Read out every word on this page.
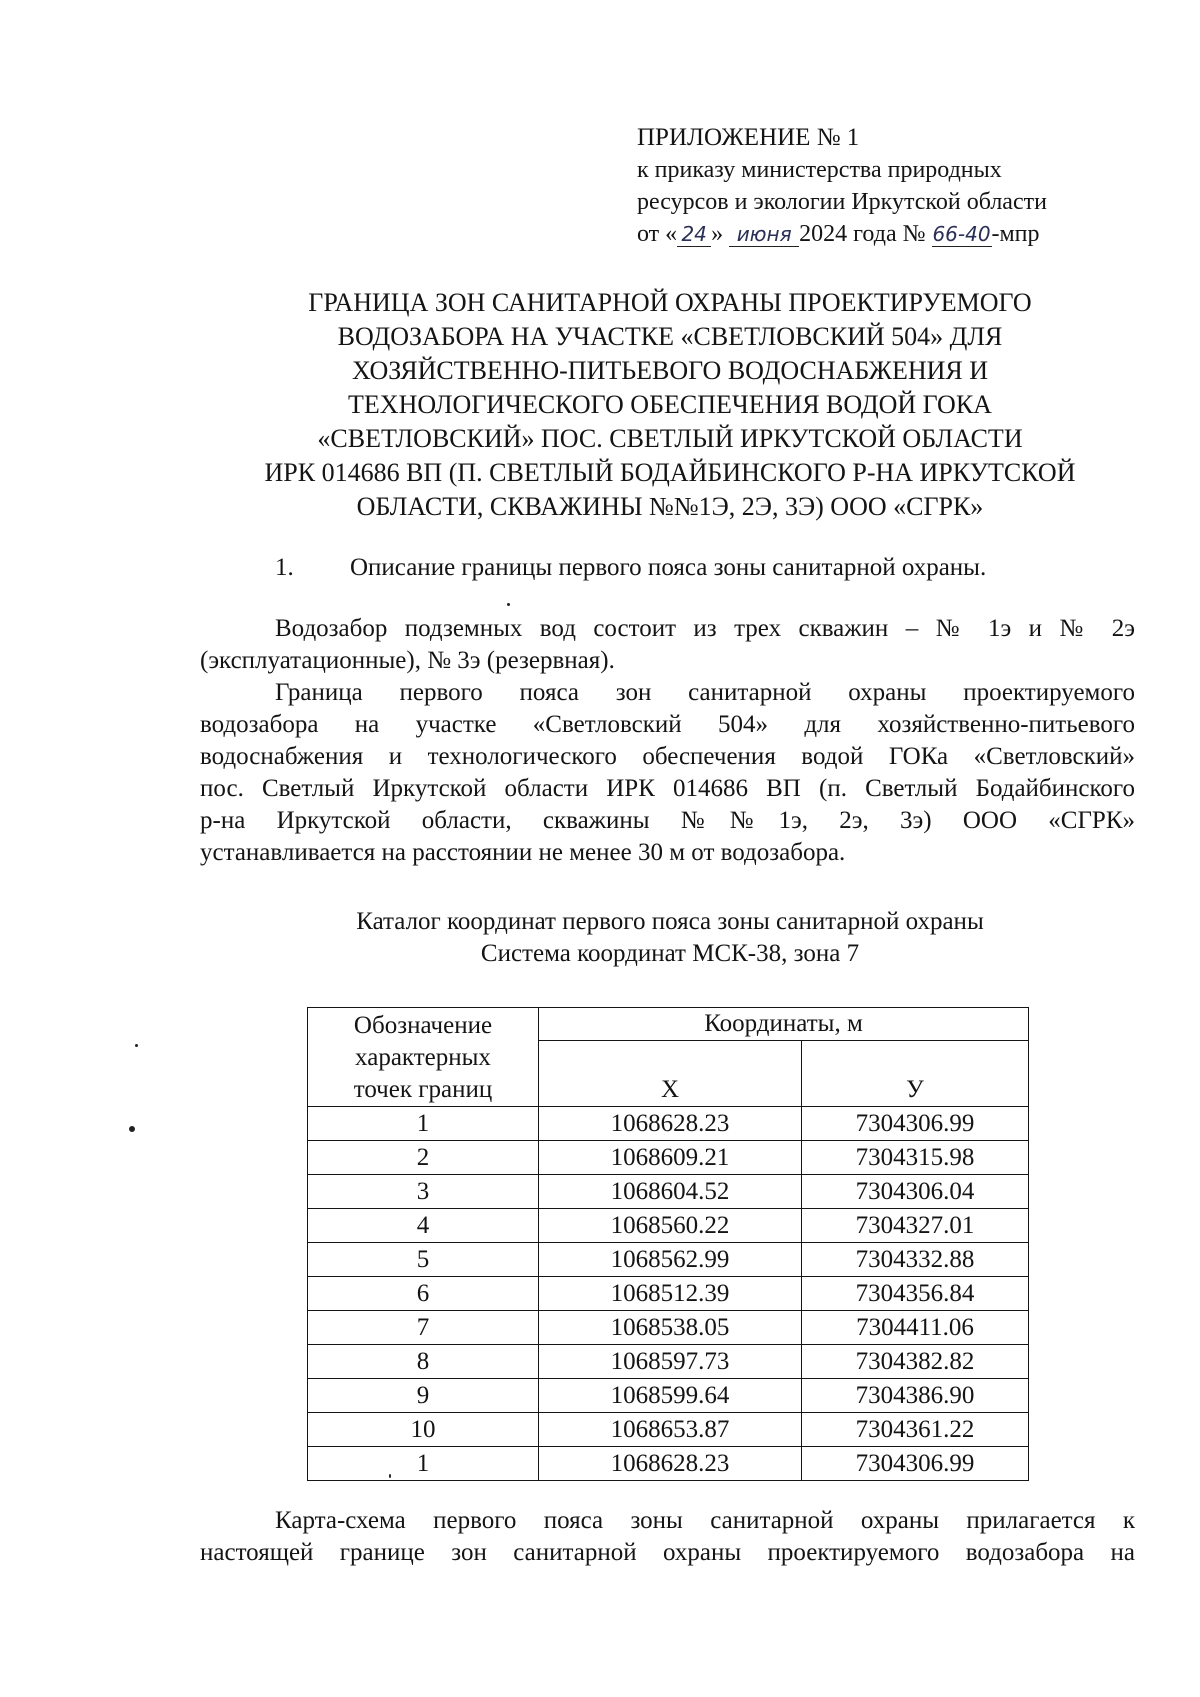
ПРИЛОЖЕНИЕ № 1
к приказу министерства природных
ресурсов и экологии Иркутской области
от « 24 » июня 2024 года № 66-40-мпр
ГРАНИЦА ЗОН САНИТАРНОЙ ОХРАНЫ ПРОЕКТИРУЕМОГО
ВОДОЗАБОРА НА УЧАСТКЕ «СВЕТЛОВСКИЙ 504» ДЛЯ
ХОЗЯЙСТВЕННО-ПИТЬЕВОГО ВОДОСНАБЖЕНИЯ И
ТЕХНОЛОГИЧЕСКОГО ОБЕСПЕЧЕНИЯ ВОДОЙ ГОКА
«СВЕТЛОВСКИЙ» ПОС. СВЕТЛЫЙ ИРКУТСКОЙ ОБЛАСТИ
ИРК 014686 ВП (П. СВЕТЛЫЙ БОДАЙБИНСКОГО Р-НА ИРКУТСКОЙ
ОБЛАСТИ, СКВАЖИНЫ №№1Э, 2Э, 3Э) ООО «СГРК»
1. Описание границы первого пояса зоны санитарной охраны.
Водозабор подземных вод состоит из трех скважин – № 1э и № 2э
(эксплуатационные), № 3э (резервная).
Граница первого пояса зон санитарной охраны проектируемого
водозабора на участке «Светловский 504» для хозяйственно-питьевого
водоснабжения и технологического обеспечения водой ГОКа «Светловский»
пос. Светлый Иркутской области ИРК 014686 ВП (п. Светлый Бодайбинского
р-на Иркутской области, скважины №№1э, 2э, 3э) ООО «СГРК»
устанавливается на расстоянии не менее 30 м от водозабора.
Каталог координат первого пояса зоны санитарной охраны
Система координат МСК-38, зона 7
Обозначение
характерных
точек границ	Координаты, м	
	Х	У
1	1068628.23	7304306.99
2	1068609.21	7304315.98
3	1068604.52	7304306.04
4	1068560.22	7304327.01
5	1068562.99	7304332.88
6	1068512.39	7304356.84
7	1068538.05	7304411.06
8	1068597.73	7304382.82
9	1068599.64	7304386.90
10	1068653.87	7304361.22
1	1068628.23	7304306.99
Карта-схема первого пояса зоны санитарной охраны прилагается к
настоящей границе зон санитарной охраны проектируемого водозабора на
